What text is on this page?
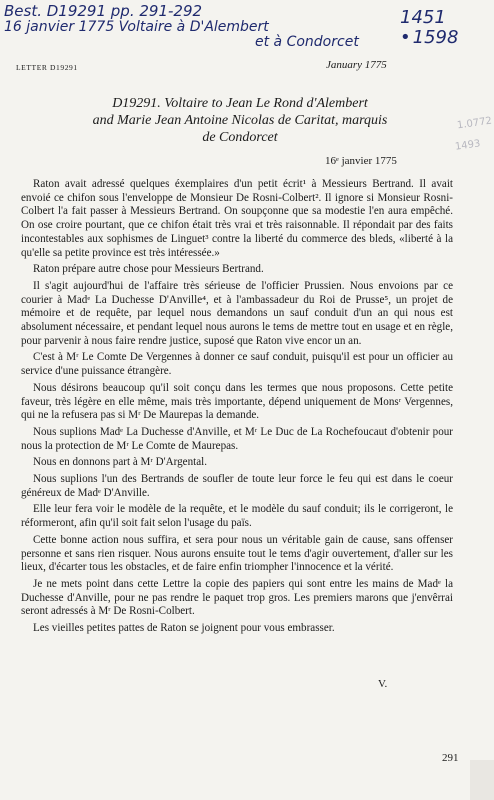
Best. D19291 pp. 291-292
16 janvier 1775 Voltaire à D'Alembert
et à Condorcet
1451
• 1598
1.0772
1493
LETTER D19291	January 1775
D19291. Voltaire to Jean Le Rond d'Alembert
and Marie Jean Antoine Nicolas de Caritat, marquis
de Condorcet
16ᵉ janvier 1775

Raton avait adressé quelques éxemplaires d'un petit écrit¹ à Messieurs Bertrand. Il avait envoié ce chifon sous l'enveloppe de Monsieur De Rosni-Colbert². Il ignore si Monsieur Rosni-Colbert l'a fait passer à Messieurs Bertrand. On soupçonne que sa modestie l'en aura empêché. On ose croire pourtant, que ce chifon était très vrai et très raisonnable. Il répondait par des faits incontestables aux sophismes de Linguet³ contre la liberté du commerce des bleds, «liberté à la qu'elle sa petite province est très intéressée.»

Raton prépare autre chose pour Messieurs Bertrand.

Il s'agit aujourd'hui de l'affaire très sérieuse de l'officier Prussien. Nous envoions par ce courier à Madᵉ La Duchesse D'Anville⁴, et à l'ambassadeur du Roi de Prusse⁵, un projet de mémoire et de requête, par lequel nous demandons un sauf conduit d'un an qui nous est absolument nécessaire, et pendant lequel nous aurons le tems de mettre tout en usage et en règle, pour parvenir à nous faire rendre justice, suposé que Raton vive encor un an.

C'est à Mʳ Le Comte De Vergennes à donner ce sauf conduit, puisqu'il est pour un officier au service d'une puissance étrangère.

Nous désirons beaucoup qu'il soit conçu dans les termes que nous proposons. Cette petite faveur, très légère en elle même, mais très importante, dépend uniquement de Monsʳ Vergennes, qui ne la refusera pas si Mʳ De Maurepas la demande.

Nous suplions Madᵉ La Duchesse d'Anville, et Mʳ Le Duc de La Rochefoucaut d'obtenir pour nous la protection de Mʳ Le Comte de Maurepas.

Nous en donnons part à Mʳ D'Argental.

Nous suplions l'un des Bertrands de soufler de toute leur force le feu qui est dans le coeur généreux de Madᵉ D'Anville.

Elle leur fera voir le modèle de la requête, et le modèle du sauf conduit; ils le corrigeront, le réformeront, afin qu'il soit fait selon l'usage du païs.

Cette bonne action nous suffira, et sera pour nous un véritable gain de cause, sans offenser personne et sans rien risquer. Nous aurons ensuite tout le tems d'agir ouvertement, d'aller sur les lieux, d'écarter tous les obstacles, et de faire enfin triompher l'innocence et la vérité.

Je ne mets point dans cette Lettre la copie des papiers qui sont entre les mains de Madᵉ la Duchesse d'Anville, pour ne pas rendre le paquet trop gros. Les premiers marons que j'envêrrai seront adressés à Mʳ De Rosni-Colbert.

Les vieilles petites pattes de Raton se joignent pour vous embrasser.

V.
291
